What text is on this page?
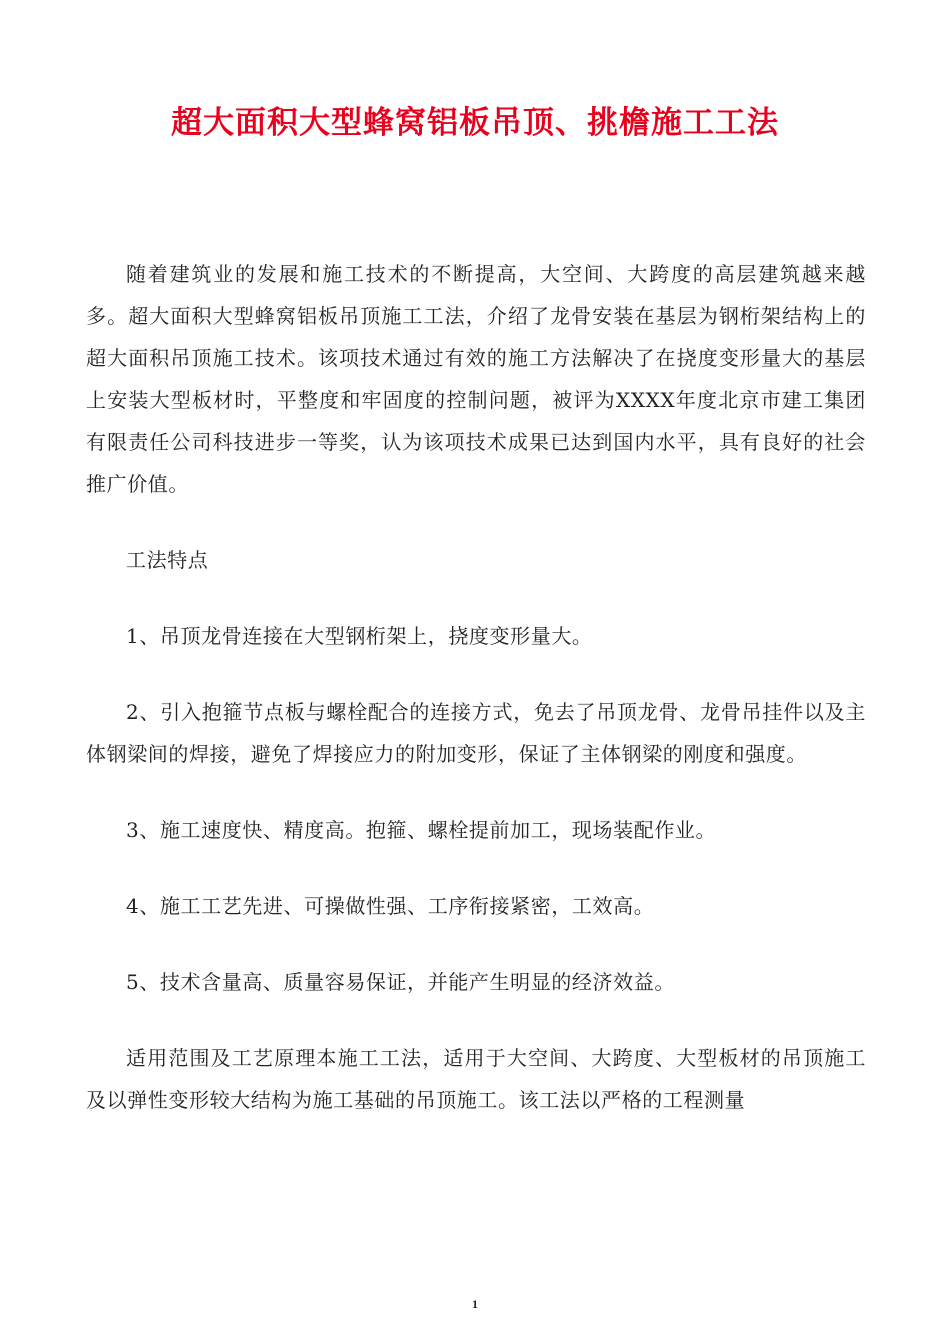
超大面积大型蜂窝铝板吊顶、挑檐施工工法

随着建筑业的发展和施工技术的不断提高，大空间、大跨度的高层建筑越来越多。超大面积大型蜂窝铝板吊顶施工工法，介绍了龙骨安装在基层为钢桁架结构上的超大面积吊顶施工技术。该项技术通过有效的施工方法解决了在挠度变形量大的基层上安装大型板材时，平整度和牢固度的控制问题，被评为XXXX年度北京市建工集团有限责任公司科技进步一等奖，认为该项技术成果已达到国内水平，具有良好的社会推广价值。

工法特点

1、吊顶龙骨连接在大型钢桁架上，挠度变形量大。

2、引入抱箍节点板与螺栓配合的连接方式，免去了吊顶龙骨、龙骨吊挂件以及主体钢梁间的焊接，避免了焊接应力的附加变形，保证了主体钢梁的刚度和强度。

3、施工速度快、精度高。抱箍、螺栓提前加工，现场装配作业。

4、施工工艺先进、可操做性强、工序衔接紧密，工效高。

5、技术含量高、质量容易保证，并能产生明显的经济效益。

适用范围及工艺原理本施工工法，适用于大空间、大跨度、大型板材的吊顶施工及以弹性变形较大结构为施工基础的吊顶施工。该工法以严格的工程测量

1
